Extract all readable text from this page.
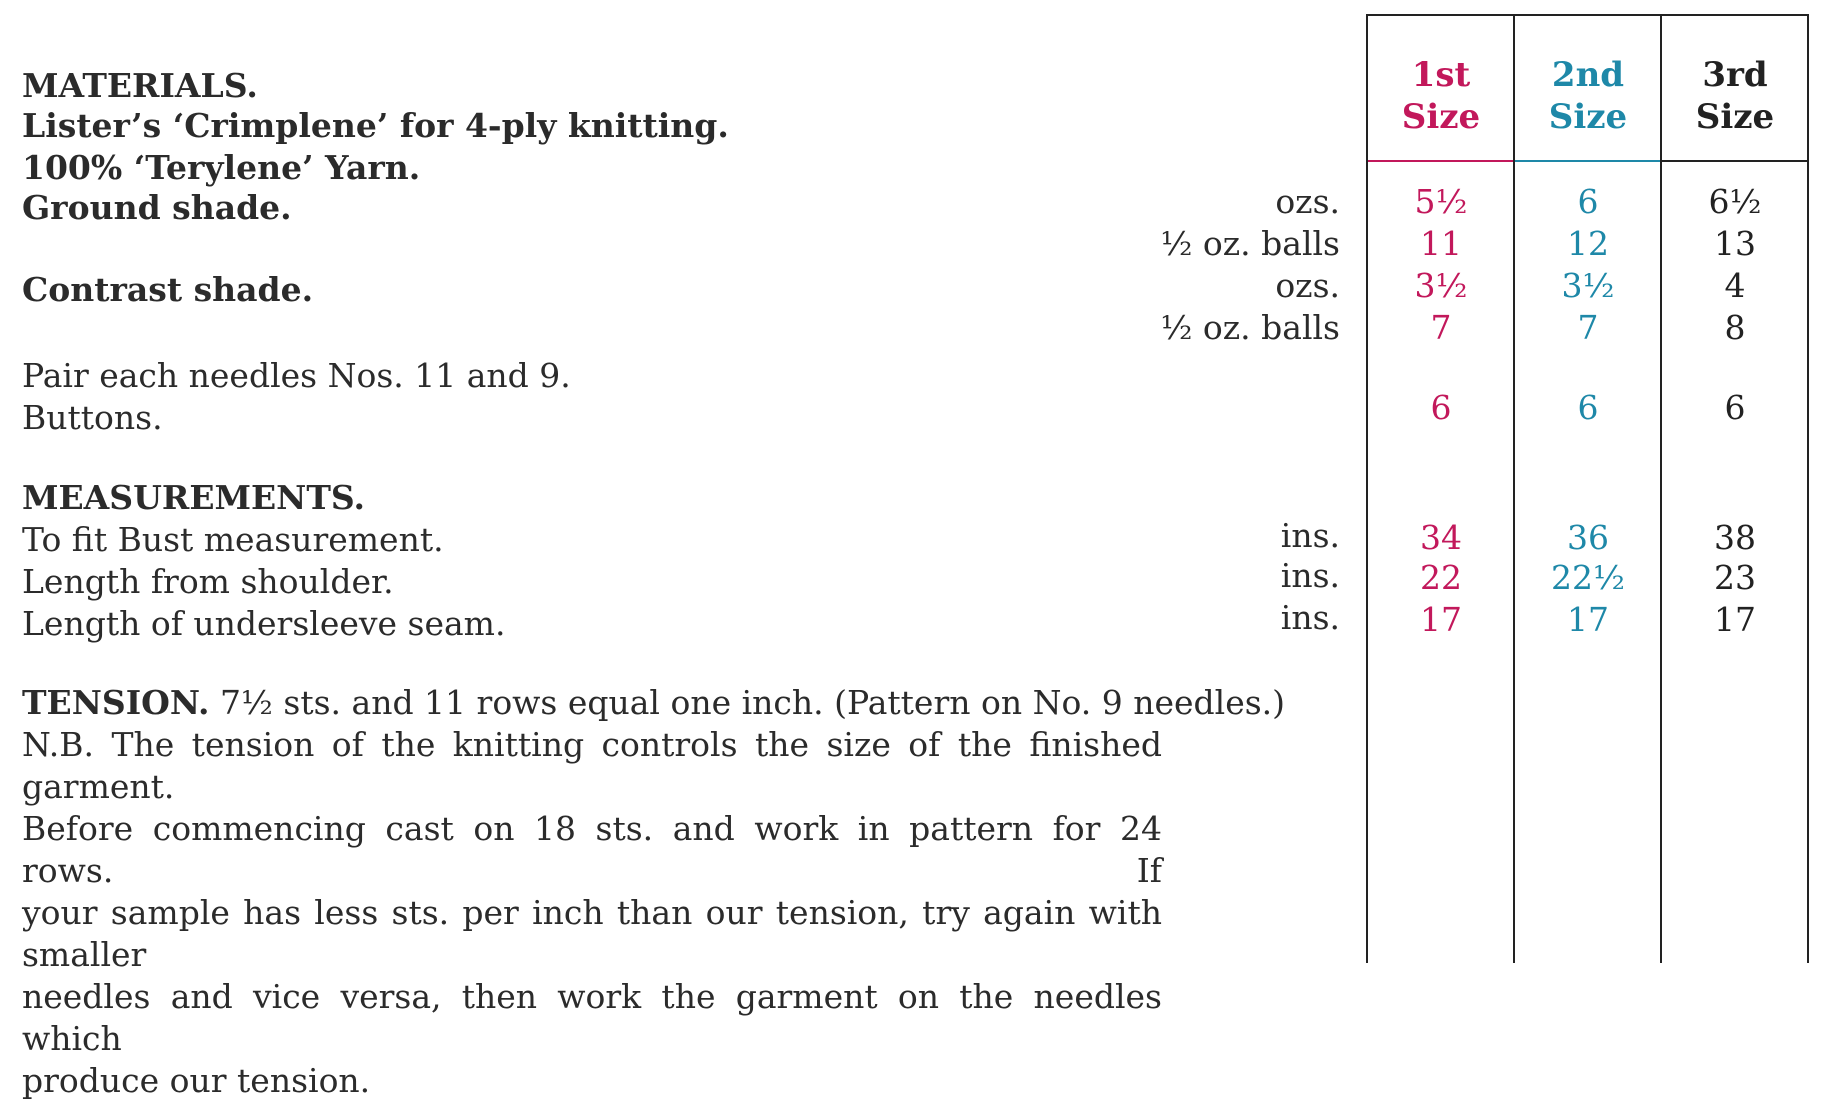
MATERIALS.
Lister’s ‘Crimplene’ for 4-ply knitting.
100% ‘Terylene’ Yarn.
Ground shade.
Contrast shade.
Pair each needles Nos. 11 and 9.
Buttons.
MEASUREMENTS.
To fit Bust measurement.
Length from shoulder.
Length of undersleeve seam.
TENSION. 7½ sts. and 11 rows equal one inch. (Pattern on No. 9 needles.)
N.B. The tension of the knitting controls the size of the finished garment.
Before commencing cast on 18 sts. and work in pattern for 24 rows. If
your sample has less sts. per inch than our tension, try again with smaller
needles and vice versa, then work the garment on the needles which
produce our tension.
ozs.
½ oz. balls
ozs.
½ oz. balls
ins.
ins.
ins.
1st
Size
5½
11
3½
7
6
34
22
17
2nd
Size
6
12
3½
7
6
36
22½
17
3rd
Size
6½
13
4
8
6
38
23
17
